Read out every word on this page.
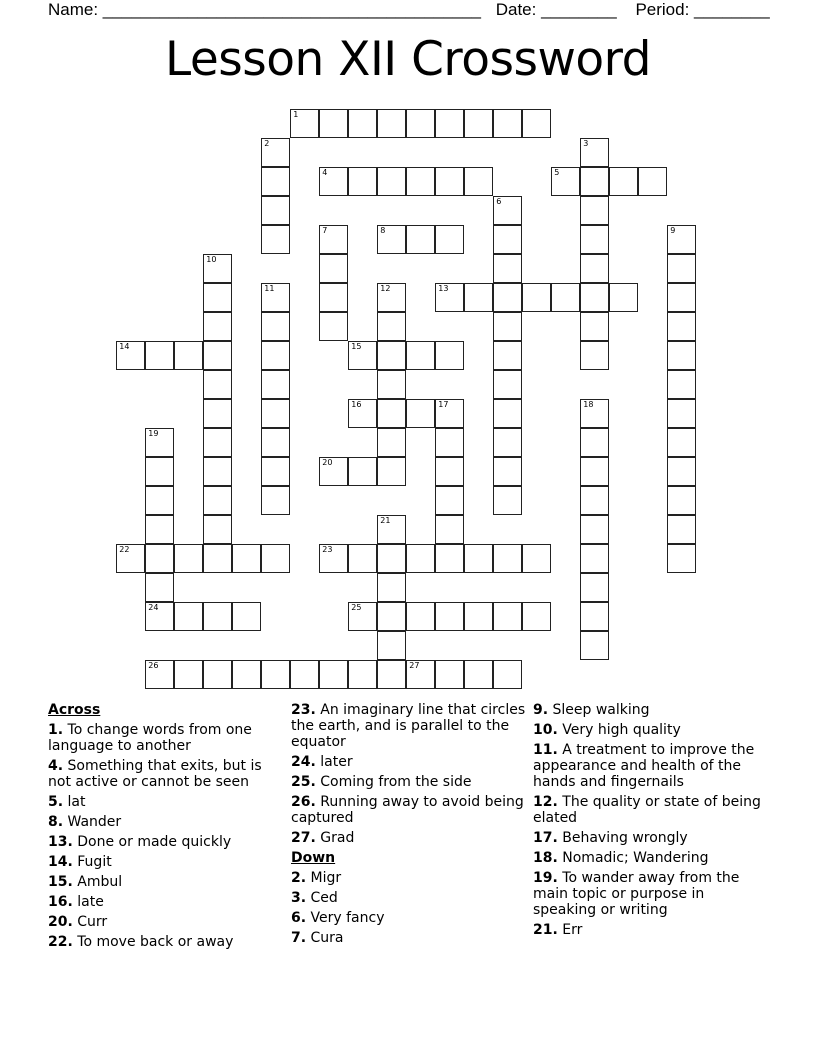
Name: ________________________________________ Date: ________ Period: ________
Lesson XII Crossword
1
4	5
8
13
14	15
16	17
20
22	23
24	25
26	27
2	3
6
7	9
10
11	12
18
19
21
Across
1. To change words from one language to another
4. Something that exits, but is not active or cannot be seen
5. lat
8. Wander
13. Done or made quickly
14. Fugit
15. Ambul
16. late
20. Curr
22. To move back or away
23. An imaginary line that circles the earth, and is parallel to the equator
24. later
25. Coming from the side
26. Running away to avoid being captured
27. Grad
Down
2. Migr
3. Ced
6. Very fancy
7. Cura
9. Sleep walking
10. Very high quality
11. A treatment to improve the appearance and health of the hands and fingernails
12. The quality or state of being elated
17. Behaving wrongly
18. Nomadic; Wandering
19. To wander away from the main topic or purpose in speaking or writing
21. Err
